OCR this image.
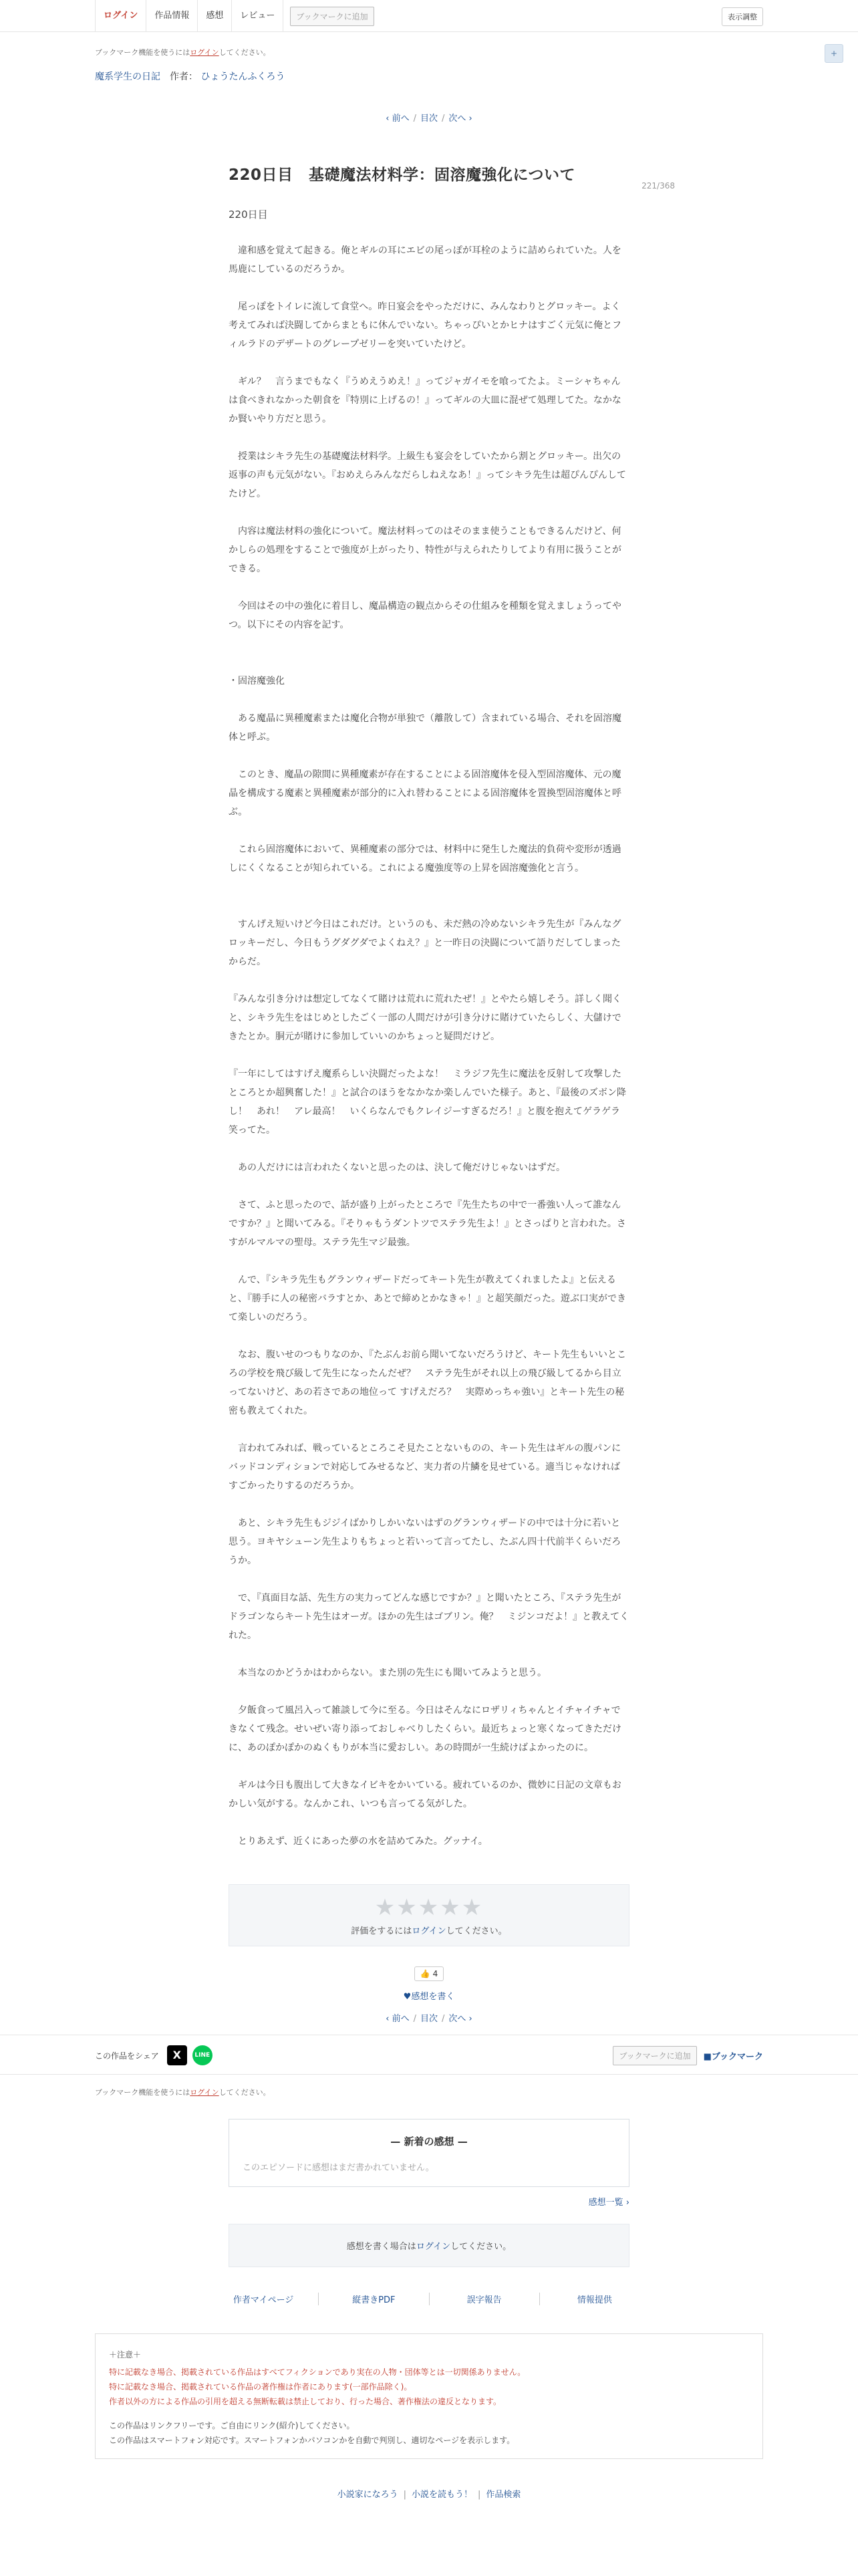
ログイン	作品情報	感想	レビュー	ブックマークに追加	表示調整
+
ブックマーク機能を使うにはログインしてください。
魔系学生の日記 作者： ひょうたんふくろう
‹ 前へ / 目次 / 次へ ›
221/368
220日目　基礎魔法材料学：固溶魔強化について
220日目

　違和感を覚えて起きる。俺とギルの耳にエビの尾っぽが耳栓のように詰められていた。人を馬鹿にしているのだろうか。

　尾っぽをトイレに流して食堂へ。昨日宴会をやっただけに、みんなわりとグロッキー。よく考えてみれば決闘してからまともに休んでいない。ちゃっぴいとかヒナはすごく元気に俺とフィルラドのデザートのグレープゼリーを突いていたけど。

　ギル？　言うまでもなく『うめえうめえ！』ってジャガイモを喰ってたよ。ミーシャちゃんは食べきれなかった朝食を『特別に上げるの！』ってギルの大皿に混ぜて処理してた。なかなか賢いやり方だと思う。

　授業はシキラ先生の基礎魔法材料学。上級生も宴会をしていたから割とグロッキー。出欠の返事の声も元気がない。『おめえらみんなだらしねえなあ！』ってシキラ先生は超ぴんぴんしてたけど。

　内容は魔法材料の強化について。魔法材料ってのはそのまま使うこともできるんだけど、何かしらの処理をすることで強度が上がったり、特性が与えられたりしてより有用に扱うことができる。

　今回はその中の強化に着目し、魔晶構造の観点からその仕組みを種類を覚えましょうってやつ。以下にその内容を記す。

・固溶魔強化

　ある魔晶に異種魔素または魔化合物が単独で（離散して）含まれている場合、それを固溶魔体と呼ぶ。

　このとき、魔晶の隙間に異種魔素が存在することによる固溶魔体を侵入型固溶魔体、元の魔晶を構成する魔素と異種魔素が部分的に入れ替わることによる固溶魔体を置換型固溶魔体と呼ぶ。

　これら固溶魔体において、異種魔素の部分では、材料中に発生した魔法的負荷や変形が透過しにくくなることが知られている。これによる魔強度等の上昇を固溶魔強化と言う。

　すんげえ短いけど今日はこれだけ。というのも、未だ熱の冷めないシキラ先生が『みんなグロッキーだし、今日もうグダグダでよくねえ？』と一昨日の決闘について語りだしてしまったからだ。

『みんな引き分けは想定してなくて賭けは荒れに荒れたぜ！』とやたら嬉しそう。詳しく聞くと、シキラ先生をはじめとしたごく一部の人間だけが引き分けに賭けていたらしく、大儲けできたとか。胴元が賭けに参加していいのかちょっと疑問だけど。

『一年にしてはすげえ魔系らしい決闘だったよな！　ミラジフ先生に魔法を反射して攻撃したところとか超興奮した！』と試合のほうをなかなか楽しんでいた様子。あと、『最後のズボン降し！　あれ！　アレ最高！　いくらなんでもクレイジーすぎるだろ！』と腹を抱えてゲラゲラ笑ってた。

　あの人だけには言われたくないと思ったのは、決して俺だけじゃないはずだ。

　さて、ふと思ったので、話が盛り上がったところで『先生たちの中で一番強い人って誰なんですか？』と聞いてみる。『そりゃもうダントツでステラ先生よ！』とさっぱりと言われた。さすがルマルマの聖母。ステラ先生マジ最強。

　んで、『シキラ先生もグランウィザードだってキート先生が教えてくれましたよ』と伝えると、『勝手に人の秘密バラすとか、あとで締めとかなきゃ！』と超笑顔だった。遊ぶ口実ができて楽しいのだろう。

　なお、腹いせのつもりなのか、『たぶんお前ら聞いてないだろうけど、キート先生もいいところの学校を飛び級して先生になったんだぜ？　ステラ先生がそれ以上の飛び級してるから目立ってないけど、あの若さであの地位って すげえだろ？　実際めっちゃ強い』とキート先生の秘密も教えてくれた。

　言われてみれば、戦っているところこそ見たことないものの、キート先生はギルの腹パンにバッドコンディションで対応してみせるなど、実力者の片鱗を見せている。適当じゃなければすごかったりするのだろうか。

　あと、シキラ先生もジジイばかりしかいないはずのグランウィザードの中では十分に若いと思う。ヨキヤシューン先生よりもちょっと若いって言ってたし、たぶん四十代前半くらいだろうか。

　で、『真面目な話、先生方の実力ってどんな感じですか？』と聞いたところ、『ステラ先生がドラゴンならキート先生はオーガ。ほかの先生はゴブリン。俺？　ミジンコだよ！』と教えてくれた。

　本当なのかどうかはわからない。また別の先生にも聞いてみようと思う。

　夕飯食って風呂入って雑談して今に至る。今日はそんなにロザリィちゃんとイチャイチャできなくて残念。せいぜい寄り添っておしゃべりしたくらい。最近ちょっと寒くなってきただけに、あのぽかぽかのぬくもりが本当に愛おしい。あの時間が一生続けばよかったのに。

　ギルは今日も腹出して大きなイビキをかいている。疲れているのか、微妙に日記の文章もおかしい気がする。なんかこれ、いつも言ってる気がした。

　とりあえず、近くにあった夢の水を詰めてみた。グッナイ。

★★★★★
評価をするにはログインしてください。
👍 4
♥感想を書く
‹ 前へ / 目次 / 次へ ›
この作品をシェア	X	LINE	ブックマークに追加	■ブックマーク
ブックマーク機能を使うにはログインしてください。
— 新着の感想 —
このエピソードに感想はまだ書かれていません。
感想一覧 ›
感想を書く場合はログインしてください。
作者マイページ	縦書きPDF	誤字報告	情報提供
＋注意＋
特に記載なき場合、掲載されている作品はすべてフィクションであり実在の人物・団体等とは一切関係ありません。
特に記載なき場合、掲載されている作品の著作権は作者にあります(一部作品除く)。
作者以外の方による作品の引用を超える無断転載は禁止しており、行った場合、著作権法の違反となります。
この作品はリンクフリーです。ご自由にリンク(紹介)してください。
この作品はスマートフォン対応です。スマートフォンかパソコンかを自動で判別し、適切なページを表示します。
小説家になろう | 小説を読もう！ | 作品検索
